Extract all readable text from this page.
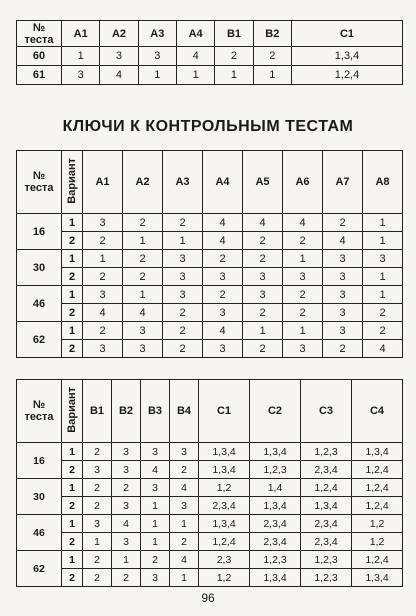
№ теста	A1	A2	A3	A4	B1	B2	C1
60	1	3	3	4	2	2	1,3,4
61	3	4	1	1	1	1	1,2,4
КЛЮЧИ К КОНТРОЛЬНЫМ ТЕСТАМ
№ теста	Вариант	A1	A2	A3	A4	A5	A6	A7	A8
16	1	3	2	2	4	4	4	2	1
	2	2	1	1	4	2	2	4	1
30	1	1	2	3	2	2	1	3	3
	2	2	2	3	3	3	3	3	1
46	1	3	1	3	2	3	2	3	1
	2	4	4	2	3	2	2	3	2
62	1	2	3	2	4	1	1	3	2
	2	3	3	2	3	2	3	2	4
№ теста	Вариант	B1	B2	B3	B4	C1	C2	C3	C4
16	1	2	3	3	3	1,3,4	1,3,4	1,2,3	1,3,4
	2	3	3	4	2	1,3,4	1,2,3	2,3,4	1,2,4
30	1	2	2	3	4	1,2	1,4	1,2,4	1,2,4
	2	2	3	1	3	2,3,4	1,3,4	1,3,4	1,2,4
46	1	3	4	1	1	1,3,4	2,3,4	2,3,4	1,2
	2	1	3	1	2	1,2,4	2,3,4	2,3,4	1,2
62	1	2	1	2	4	2,3	1,2,3	1,2,3	1,2,4
	2	2	2	3	1	1,2	1,3,4	1,2,3	1,3,4
96
